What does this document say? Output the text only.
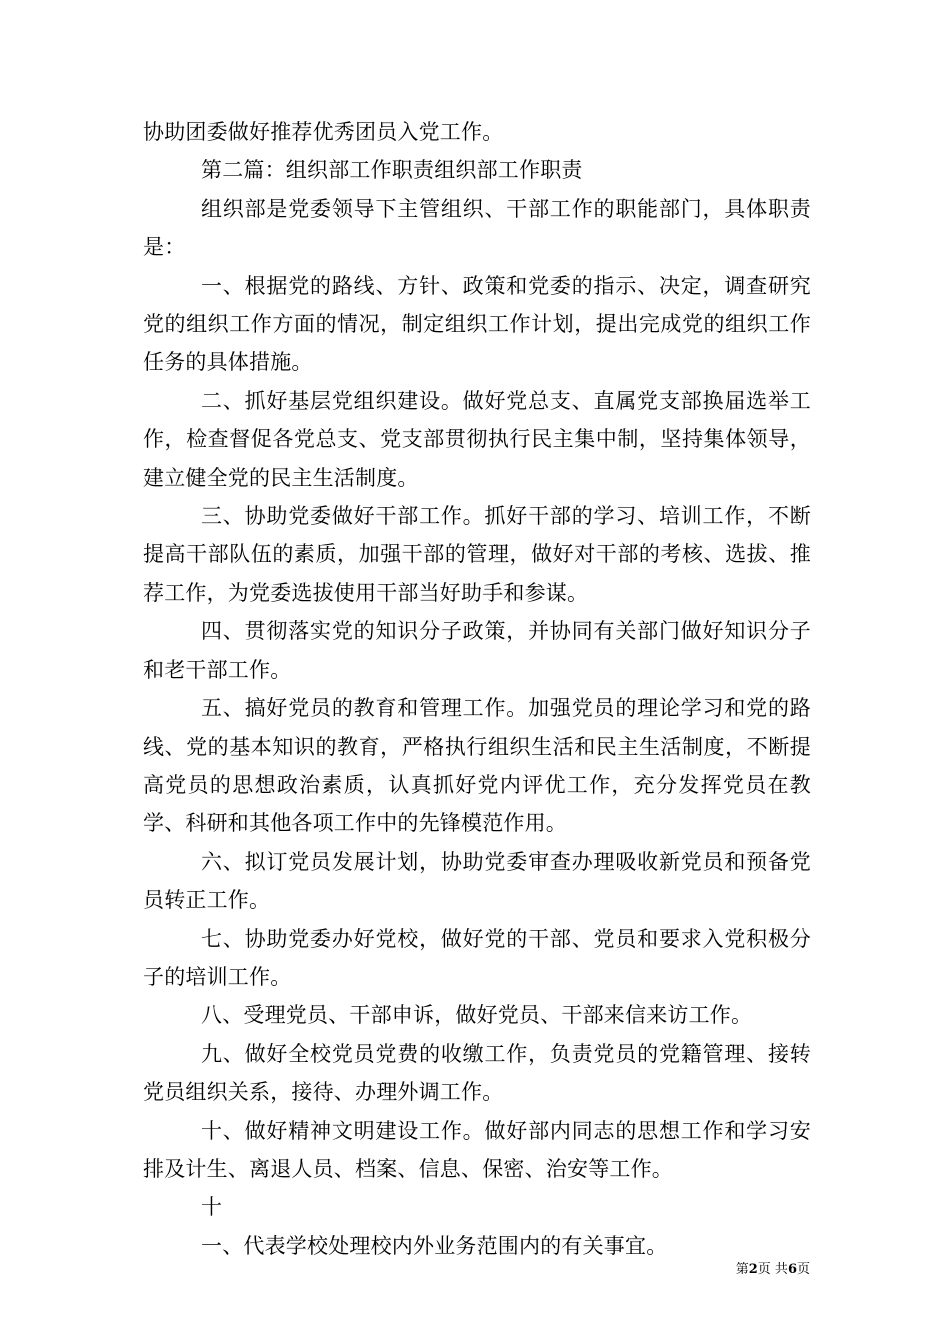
协助团委做好推荐优秀团员入党工作。

第二篇：组织部工作职责组织部工作职责

组织部是党委领导下主管组织、干部工作的职能部门，具体职责是：

一、根据党的路线、方针、政策和党委的指示、决定，调查研究党的组织工作方面的情况，制定组织工作计划，提出完成党的组织工作任务的具体措施。

二、抓好基层党组织建设。做好党总支、直属党支部换届选举工作，检查督促各党总支、党支部贯彻执行民主集中制，坚持集体领导，建立健全党的民主生活制度。

三、协助党委做好干部工作。抓好干部的学习、培训工作，不断提高干部队伍的素质，加强干部的管理，做好对干部的考核、选拔、推荐工作，为党委选拔使用干部当好助手和参谋。

四、贯彻落实党的知识分子政策，并协同有关部门做好知识分子和老干部工作。

五、搞好党员的教育和管理工作。加强党员的理论学习和党的路线、党的基本知识的教育，严格执行组织生活和民主生活制度，不断提高党员的思想政治素质，认真抓好党内评优工作，充分发挥党员在教学、科研和其他各项工作中的先锋模范作用。

六、拟订党员发展计划，协助党委审查办理吸收新党员和预备党员转正工作。

七、协助党委办好党校，做好党的干部、党员和要求入党积极分子的培训工作。

八、受理党员、干部申诉，做好党员、干部来信来访工作。

九、做好全校党员党费的收缴工作，负责党员的党籍管理、接转党员组织关系，接待、办理外调工作。

十、做好精神文明建设工作。做好部内同志的思想工作和学习安排及计生、离退人员、档案、信息、保密、治安等工作。

十

一、代表学校处理校内外业务范围内的有关事宜。

第2页 共6页
